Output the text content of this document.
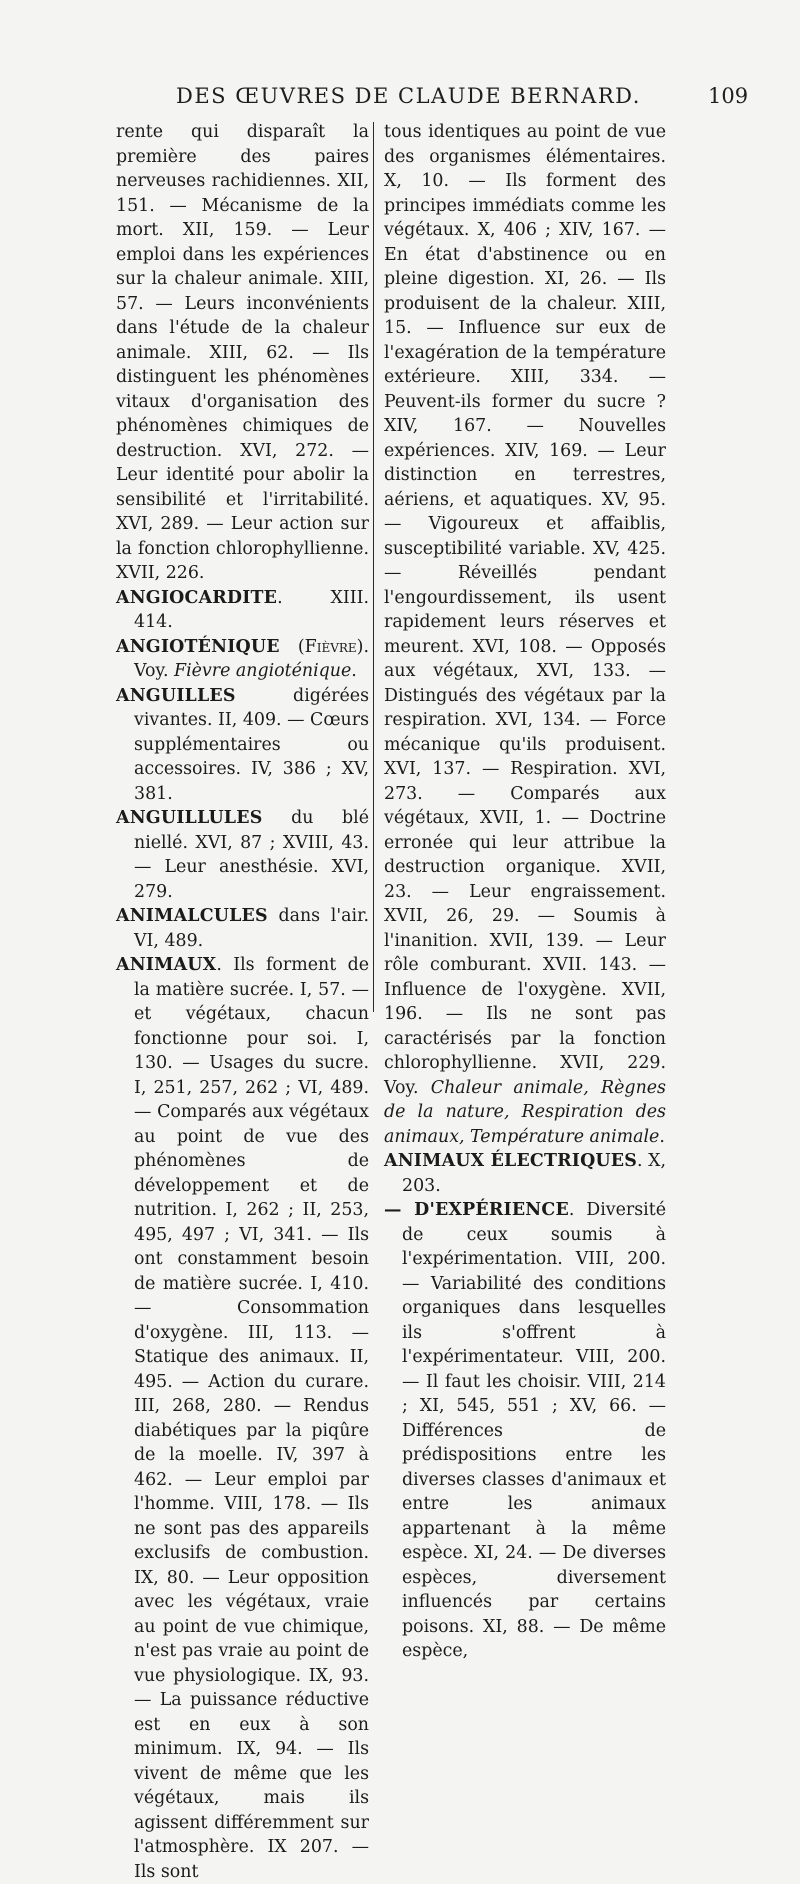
DES ŒUVRES DE CLAUDE BERNARD.	109

rente qui disparaît la première des paires nerveuses rachidiennes. XII, 151. — Mécanisme de la mort. XII, 159. — Leur emploi dans les expériences sur la chaleur animale. XIII, 57. — Leurs inconvénients dans l'étude de la chaleur animale. XIII, 62. — Ils distinguent les phénomènes vitaux d'organisation des phénomènes chimiques de destruction. XVI, 272. — Leur identité pour abolir la sensibilité et l'irritabilité. XVI, 289. — Leur action sur la fonction chlorophyllienne. XVII, 226.

ANGIOCARDITE. XIII. 414.

ANGIOTÉNIQUE (Fièvre). Voy. Fièvre angioténique.

ANGUILLES digérées vivantes. II, 409. — Cœurs supplémentaires ou accessoires. IV, 386 ; XV, 381.

ANGUILLULES du blé niellé. XVI, 87 ; XVIII, 43. — Leur anesthésie. XVI, 279.

ANIMALCULES dans l'air. VI, 489.

ANIMAUX. Ils forment de la matière sucrée. I, 57. — et végétaux, chacun fonctionne pour soi. I, 130. — Usages du sucre. I, 251, 257, 262 ; VI, 489. — Comparés aux végétaux au point de vue des phénomènes de développement et de nutrition. I, 262 ; II, 253, 495, 497 ; VI, 341. — Ils ont constamment besoin de matière sucrée. I, 410. — Consommation d'oxygène. III, 113. — Statique des animaux. II, 495. — Action du curare. III, 268, 280. — Rendus diabétiques par la piqûre de la moelle. IV, 397 à 462. — Leur emploi par l'homme. VIII, 178. — Ils ne sont pas des appareils exclusifs de combustion. IX, 80. — Leur opposition avec les végétaux, vraie au point de vue chimique, n'est pas vraie au point de vue physiologique. IX, 93. — La puissance réductive est en eux à son minimum. IX, 94. — Ils vivent de même que les végétaux, mais ils agissent différemment sur l'atmosphère. IX 207. — Ils sont

tous identiques au point de vue des organismes élémentaires. X, 10. — Ils forment des principes immédiats comme les végétaux. X, 406 ; XIV, 167. — En état d'abstinence ou en pleine digestion. XI, 26. — Ils produisent de la chaleur. XIII, 15. — Influence sur eux de l'exagération de la température extérieure. XIII, 334. — Peuvent-ils former du sucre ? XIV, 167. — Nouvelles expériences. XIV, 169. — Leur distinction en terrestres, aériens, et aquatiques. XV, 95. — Vigoureux et affaiblis, susceptibilité variable. XV, 425. — Réveillés pendant l'engourdissement, ils usent rapidement leurs réserves et meurent. XVI, 108. — Opposés aux végétaux, XVI, 133. — Distingués des végétaux par la respiration. XVI, 134. — Force mécanique qu'ils produisent. XVI, 137. — Respiration. XVI, 273. — Comparés aux végétaux, XVII, 1. — Doctrine erronée qui leur attribue la destruction organique. XVII, 23. — Leur engraissement. XVII, 26, 29. — Soumis à l'inanition. XVII, 139. — Leur rôle comburant. XVII. 143. — Influence de l'oxygène. XVII, 196. — Ils ne sont pas caractérisés par la fonction chlorophyllienne. XVII, 229. Voy. Chaleur animale, Règnes de la nature, Respiration des animaux, Température animale.

ANIMAUX ÉLECTRIQUES. X, 203.

— D'EXPÉRIENCE. Diversité de ceux soumis à l'expérimentation. VIII, 200. — Variabilité des conditions organiques dans lesquelles ils s'offrent à l'expérimentateur. VIII, 200. — Il faut les choisir. VIII, 214 ; XI, 545, 551 ; XV, 66. — Différences de prédispositions entre les diverses classes d'animaux et entre les animaux appartenant à la même espèce. XI, 24. — De diverses espèces, diversement influencés par certains poisons. XI, 88. — De même espèce,
